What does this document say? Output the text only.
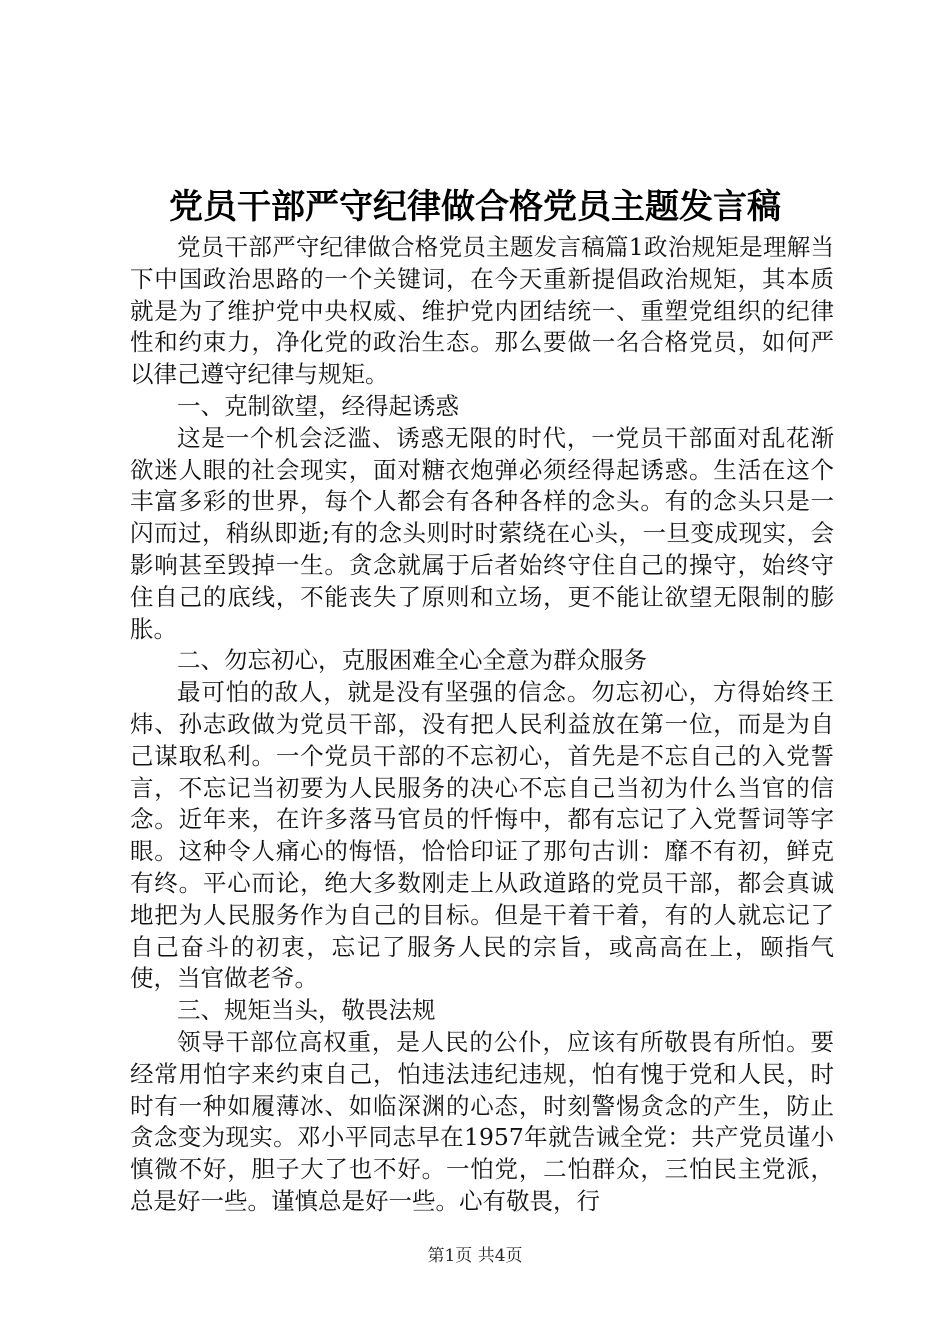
党员干部严守纪律做合格党员主题发言稿

党员干部严守纪律做合格党员主题发言稿篇1政治规矩是理解当下中国政治思路的一个关键词，在今天重新提倡政治规矩，其本质就是为了维护党中央权威、维护党内团结统一、重塑党组织的纪律性和约束力，净化党的政治生态。那么要做一名合格党员，如何严以律己遵守纪律与规矩。

一、克制欲望，经得起诱惑

这是一个机会泛滥、诱惑无限的时代，一党员干部面对乱花渐欲迷人眼的社会现实，面对糖衣炮弹必须经得起诱惑。生活在这个丰富多彩的世界，每个人都会有各种各样的念头。有的念头只是一闪而过，稍纵即逝;有的念头则时时萦绕在心头，一旦变成现实，会影响甚至毁掉一生。贪念就属于后者始终守住自己的操守，始终守住自己的底线，不能丧失了原则和立场，更不能让欲望无限制的膨胀。

二、勿忘初心，克服困难全心全意为群众服务

最可怕的敌人，就是没有坚强的信念。勿忘初心，方得始终王炜、孙志政做为党员干部，没有把人民利益放在第一位，而是为自己谋取私利。一个党员干部的不忘初心，首先是不忘自己的入党誓言，不忘记当初要为人民服务的决心不忘自己当初为什么当官的信念。近年来，在许多落马官员的忏悔中，都有忘记了入党誓词等字眼。这种令人痛心的悔悟，恰恰印证了那句古训：靡不有初，鲜克有终。平心而论，绝大多数刚走上从政道路的党员干部，都会真诚地把为人民服务作为自己的目标。但是干着干着，有的人就忘记了自己奋斗的初衷，忘记了服务人民的宗旨，或高高在上，颐指气使，当官做老爷。

三、规矩当头，敬畏法规

领导干部位高权重，是人民的公仆，应该有所敬畏有所怕。要经常用怕字来约束自己，怕违法违纪违规，怕有愧于党和人民，时时有一种如履薄冰、如临深渊的心态，时刻警惕贪念的产生，防止贪念变为现实。邓小平同志早在1957年就告诫全党：共产党员谨小慎微不好，胆子大了也不好。一怕党，二怕群众，三怕民主党派，总是好一些。谨慎总是好一些。心有敬畏，行

第1页 共4页
